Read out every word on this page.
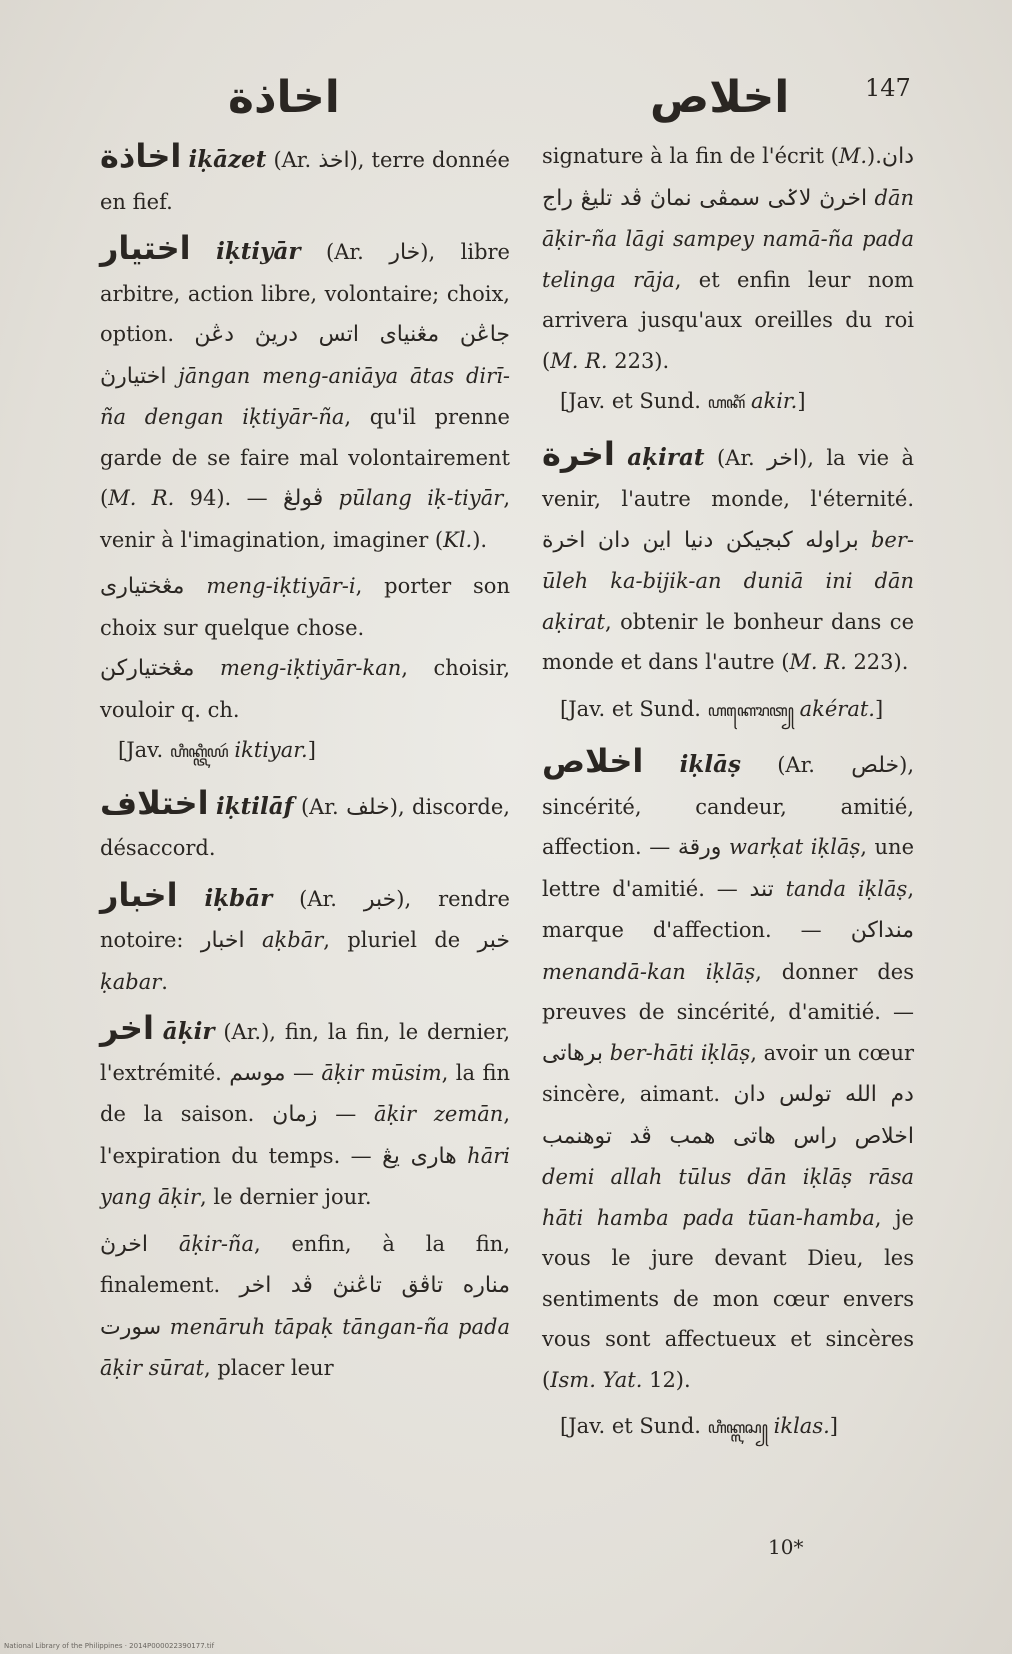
اخاذة	اخلاص	147

اخاذة iḳāzet (Ar. اخذ), terre donnée en fief.

اختيار iḳtiyār (Ar. خار), libre arbitre, action libre, volontaire; choix, option. جاڠن مڠنياى اتس دريڽ دڠن اختيارڽ jāngan meng-aniāya ātas dirī-ña dengan iḳtiyār-ña, qu'il prenne garde de se faire mal volontairement (M. R. 94). — ڤولڠ pūlang iḳ-tiyār, venir à l'imagination, imaginer (Kl.).

مڠختيارى meng-iḳtiyār-i, porter son choix sur quelque chose.

مڠختياركن meng-iḳtiyār-kan, choisir, vouloir q. ch.

[Jav. ꦲꦶꦏ꧀ꦠꦶꦪꦂ iktiyar.]

اختلاف iḳtilāf (Ar. خلف), discorde, désaccord.

اخبار iḳbār (Ar. خبر), rendre notoire: اخبار aḳbār, pluriel de خبر ḳabar.

اخر āḳir (Ar.), fin, la fin, le dernier, l'extrémité. موسم — āḳir mūsim, la fin de la saison. زمان — āḳir zemān, l'expiration du temps. — هارى يڠ hāri yang āḳir, le dernier jour.

اخرڽ āḳir-ña, enfin, à la fin, finalement. مناره تاڤق تاڠنڽ ڤد اخر سورت menāruh tāpaḳ tāngan-ña pada āḳir sūrat, placer leur

signature à la fin de l'écrit (M.).دان اخرڽ لاݢى سمڤى نماڽ ڤد تليڠ راج dān āḳir-ña lāgi sampey namā-ña pada telinga rāja, et enfin leur nom arrivera jusqu'aux oreilles du roi (M. R. 223).

[Jav. et Sund. ꦲꦏꦶꦂ akir.]

اخرة aḳirat (Ar. اخر), la vie à venir, l'autre monde, l'éternité. براوله كبجيكن دنيا اين دان اخرة ber-ūleh ka-bijik-an duniā ini dān aḳirat, obtenir le bonheur dans ce monde et dans l'autre (M. R. 223).

[Jav. et Sund. ꦲꦏꦺꦫꦠ꧀ akérat.]

اخلاص iḳlāṣ (Ar. خلص), sincérité, candeur, amitié, affection. — ورقة warḳat iḳlāṣ, une lettre d'amitié. — تند tanda iḳlāṣ, marque d'affection. — منداكن menandā-kan iḳlāṣ, donner des preuves de sincérité, d'amitié. — برهاتى ber-hāti iḳlāṣ, avoir un cœur sincère, aimant. دم الله تولس دان اخلاص راس هاتى همب ڤد توهنمب demi allah tūlus dān iḳlāṣ rāsa hāti hamba pada tūan-hamba, je vous le jure devant Dieu, les sentiments de mon cœur envers vous sont affectueux et sincères (Ism. Yat. 12).

[Jav. et Sund. ꦲꦶꦏ꧀ꦭꦱ꧀ iklas.]

10*
National Library of the Philippines · 2014P000022390177.tif
